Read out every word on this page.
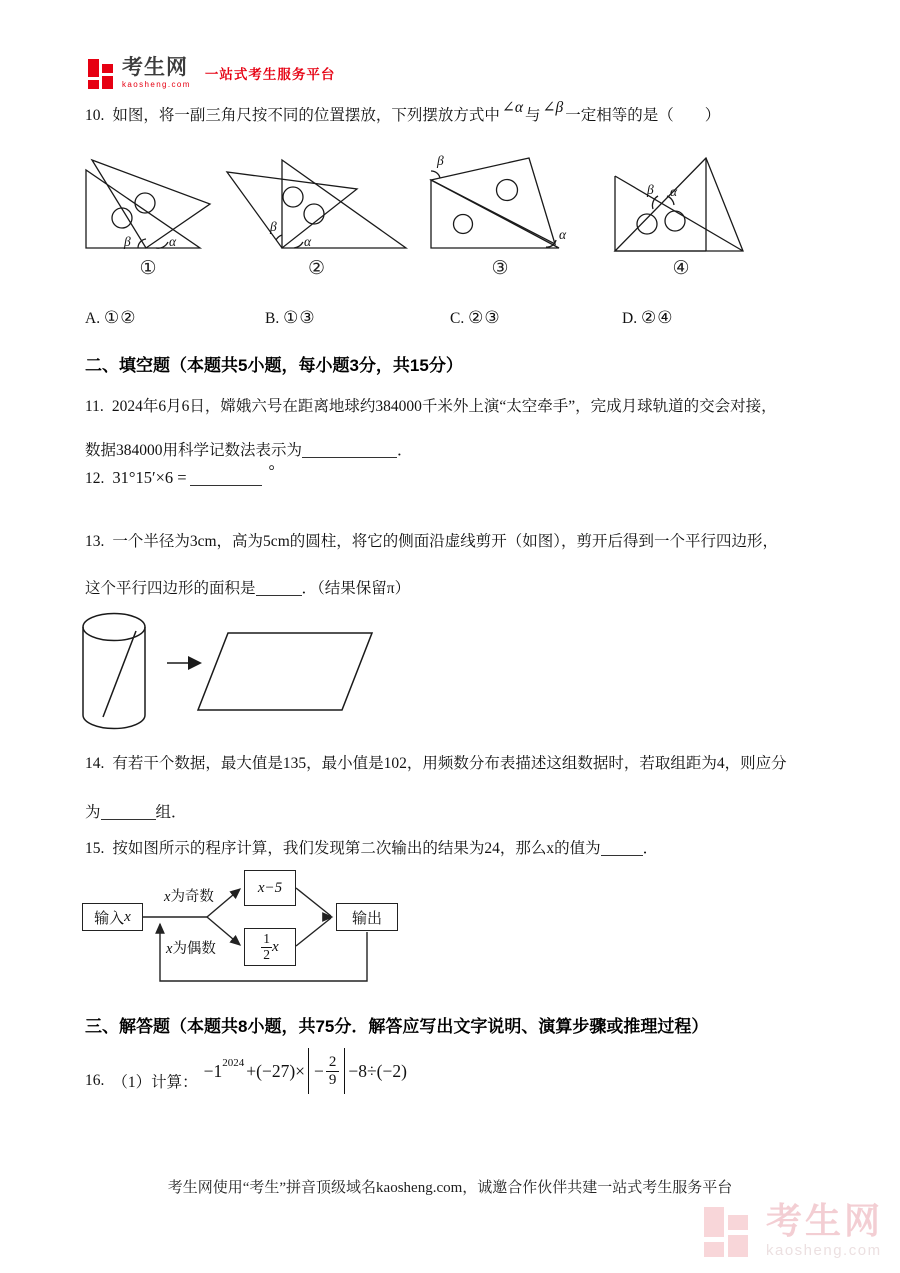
考生网
kaosheng.com
一站式考生服务平台
10. 如图，将一副三角尺按不同的位置摆放，下列摆放方式中 ∠α 与 ∠β 一定相等的是（　　）
β	α
①
β
α
②
β
α
③
β α
④
A. ①②	B. ①③	C. ②③	D. ②④
二、填空题（本题共5小题，每小题3分，共15分）
11. 2024年6月6日，嫦娥六号在距离地球约384000千米外上演“太空牵手”，完成月球轨道的交会对接，
数据384000用科学记数法表示为	．
12. 31°15′×6 =	°
13. 一个半径为3cm，高为5cm的圆柱，将它的侧面沿虚线剪开（如图），剪开后得到一个平行四边形，
这个平行四边形的面积是	．（结果保留π）
14. 有若干个数据，最大值是135，最小值是102，用频数分布表描述这组数据时，若取组距为4，则应分
为	组．
15. 按如图所示的程序计算，我们发现第二次输出的结果为24，那么x的值为	．
输入 x
x为奇数
x为偶数
x−5
$\frac{1}{2}$ x
输出
三、解答题（本题共8小题，共75分．解答应写出文字说明、演算步骤或推理过程）
16. （1）计算：
$-1^{2024} +(-27)\times - \frac{2}{9} -8\div(-2)$
考生网使用“考生”拼音顶级域名kaosheng.com，诚邀合作伙伴共建一站式考生服务平台
考生网
kaosheng.com
